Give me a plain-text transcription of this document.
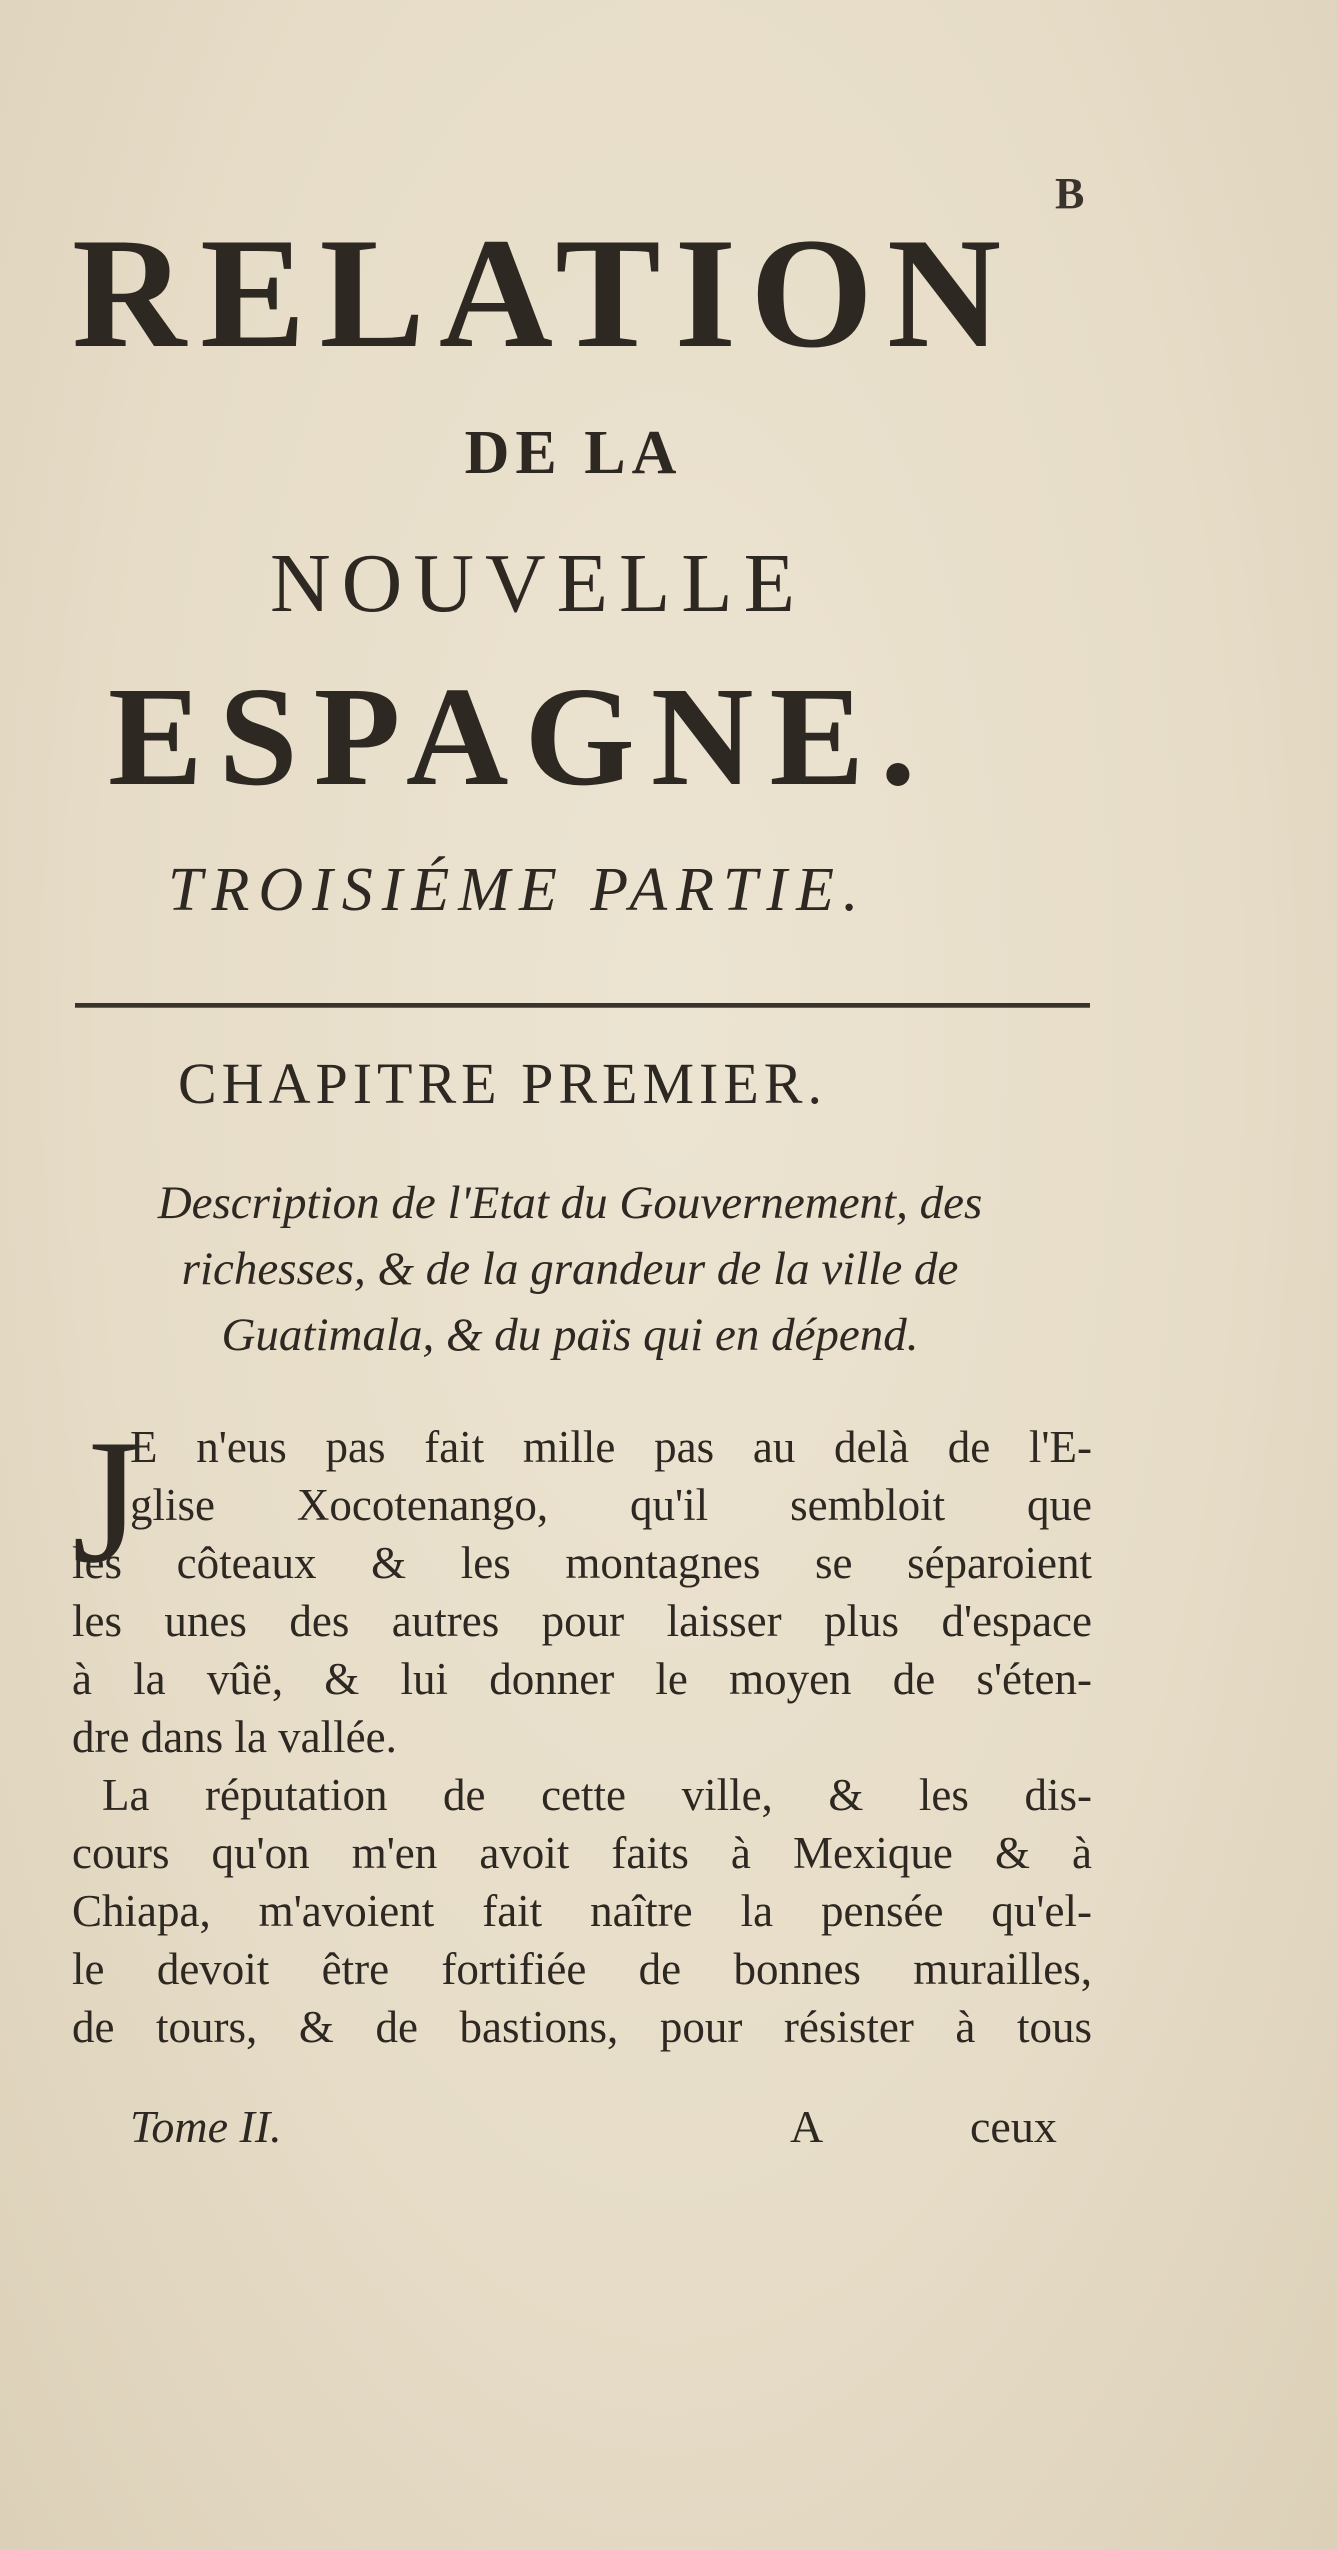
B
RELATION
DE LA
NOUVELLE
ESPAGNE.
TROISIÉME PARTIE.
CHAPITRE PREMIER.
Description de l'Etat du Gouvernement, des
richesses, & de la grandeur de la ville de
Guatimala, & du païs qui en dépend.
J
E n'eus pas fait mille pas au delà de l'E-
glise Xocotenango, qu'il sembloit que
les côteaux & les montagnes se séparoient
les unes des autres pour laisser plus d'espace
à la vûë, & lui donner le moyen de s'éten-
dre dans la vallée.
La réputation de cette ville, & les dis-
cours qu'on m'en avoit faits à Mexique & à
Chiapa, m'avoient fait naître la pensée qu'el-
le devoit être fortifiée de bonnes murailles,
de tours, & de bastions, pour résister à tous
Tome II.	A	ceux
